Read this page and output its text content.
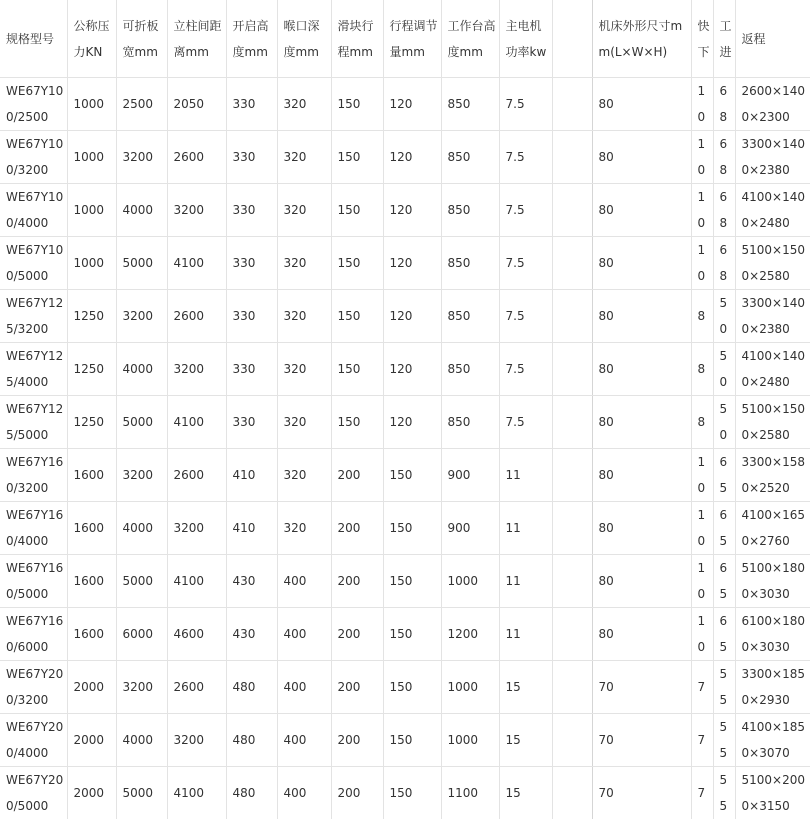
规格型号	公称压力KN	可折板宽mm	立柱间距离mm	开启高度mm	喉口深度mm	滑块行程mm	行程调节量mm	工作台高度mm	主电机功率kw		机床外形尺寸mm(L×W×H)	快下	工进	返程
WE67Y100/2500	1000	2500	2050	330	320	150	120	850	7.5		80	10	68	2600×1400×2300
WE67Y100/3200	1000	3200	2600	330	320	150	120	850	7.5		80	10	68	3300×1400×2380
WE67Y100/4000	1000	4000	3200	330	320	150	120	850	7.5		80	10	68	4100×1400×2480
WE67Y100/5000	1000	5000	4100	330	320	150	120	850	7.5		80	10	68	5100×1500×2580
WE67Y125/3200	1250	3200	2600	330	320	150	120	850	7.5		80	8	50	3300×1400×2380
WE67Y125/4000	1250	4000	3200	330	320	150	120	850	7.5		80	8	50	4100×1400×2480
WE67Y125/5000	1250	5000	4100	330	320	150	120	850	7.5		80	8	50	5100×1500×2580
WE67Y160/3200	1600	3200	2600	410	320	200	150	900	11		80	10	65	3300×1580×2520
WE67Y160/4000	1600	4000	3200	410	320	200	150	900	11		80	10	65	4100×1650×2760
WE67Y160/5000	1600	5000	4100	430	400	200	150	1000	11		80	10	65	5100×1800×3030
WE67Y160/6000	1600	6000	4600	430	400	200	150	1200	11		80	10	65	6100×1800×3030
WE67Y200/3200	2000	3200	2600	480	400	200	150	1000	15		70	7	55	3300×1850×2930
WE67Y200/4000	2000	4000	3200	480	400	200	150	1000	15		70	7	55	4100×1850×3070
WE67Y200/5000	2000	5000	4100	480	400	200	150	1100	15		70	7	55	5100×2000×3150
